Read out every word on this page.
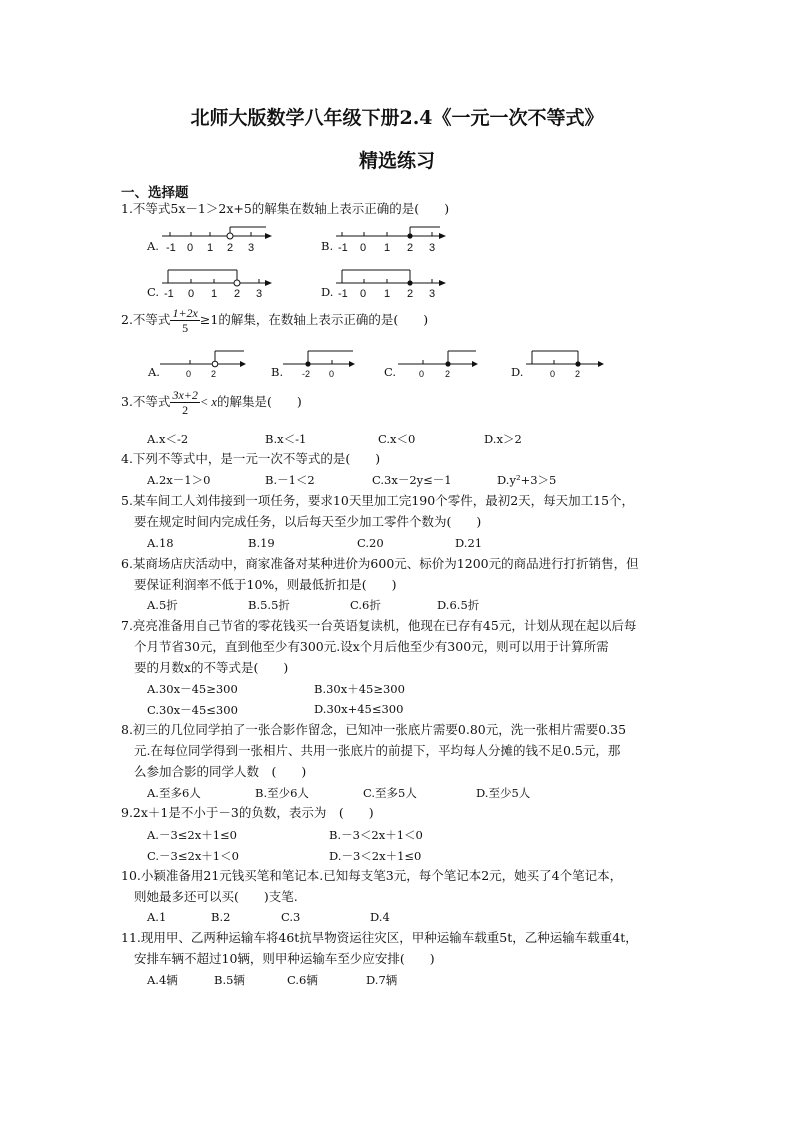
北师大版数学八年级下册2.4《一元一次不等式》
精选练习
一、选择题
1.不等式5x－1＞2x+5的解集在数轴上表示正确的是(　　)
A. -1 0 1 2 3	B. -1 0 1 2 3
C. -1 0 1 2 3	D. -1 0 1 2 3
2.不等式 $\frac{1+2x}{5} \ge 1$的解集，在数轴上表示正确的是(　　)
A.	0 2	B. -2 0	C.	0 2	D.	0 2
3.不等式 $\frac{3x+2}{2} < x$的解集是(　　)
A.x＜-2	B.x＜-1	C.x＜0	D.x＞2
4.下列不等式中，是一元一次不等式的是(　　)
A.2x－1＞0	B.－1＜2	C.3x－2y≤－1	D.y²+3＞5
5.某车间工人刘伟接到一项任务，要求10天里加工完190个零件，最初2天，每天加工15个，
要在规定时间内完成任务，以后每天至少加工零件个数为(　　)
A.18	B.19	C.20	D.21
6.某商场店庆活动中，商家准备对某种进价为600元、标价为1200元的商品进行打折销售，但
要保证利润率不低于10%，则最低折扣是(　　)
A.5折	B.5.5折	C.6折	D.6.5折
7.亮亮准备用自己节省的零花钱买一台英语复读机，他现在已存有45元，计划从现在起以后每
个月节省30元，直到他至少有300元.设x个月后他至少有300元，则可以用于计算所需
要的月数x的不等式是(　　)
A.30x－45≥300	B.30x＋45≥300
C.30x－45≤300	D.30x+45≤300
8.初三的几位同学拍了一张合影作留念，已知冲一张底片需要0.80元，洗一张相片需要0.35
元.在每位同学得到一张相片、共用一张底片的前提下，平均每人分摊的钱不足0.5元，那
么参加合影的同学人数　(　　)
A.至多6人	B.至少6人	C.至多5人	D.至少5人
9.2x＋1是不小于－3的负数，表示为　(　　)
A.－3≤2x＋1≤0	B.－3＜2x＋1＜0
C.－3≤2x＋1＜0	D.－3＜2x＋1≤0
10.小颖准备用21元钱买笔和笔记本.已知每支笔3元，每个笔记本2元，她买了4个笔记本，
则她最多还可以买(　　)支笔.
A.1	B.2	C.3	D.4
11.现用甲、乙两种运输车将46t抗旱物资运往灾区，甲种运输车载重5t，乙种运输车载重4t，
安排车辆不超过10辆，则甲种运输车至少应安排(　　)
A.4辆	B.5辆	C.6辆	D.7辆
